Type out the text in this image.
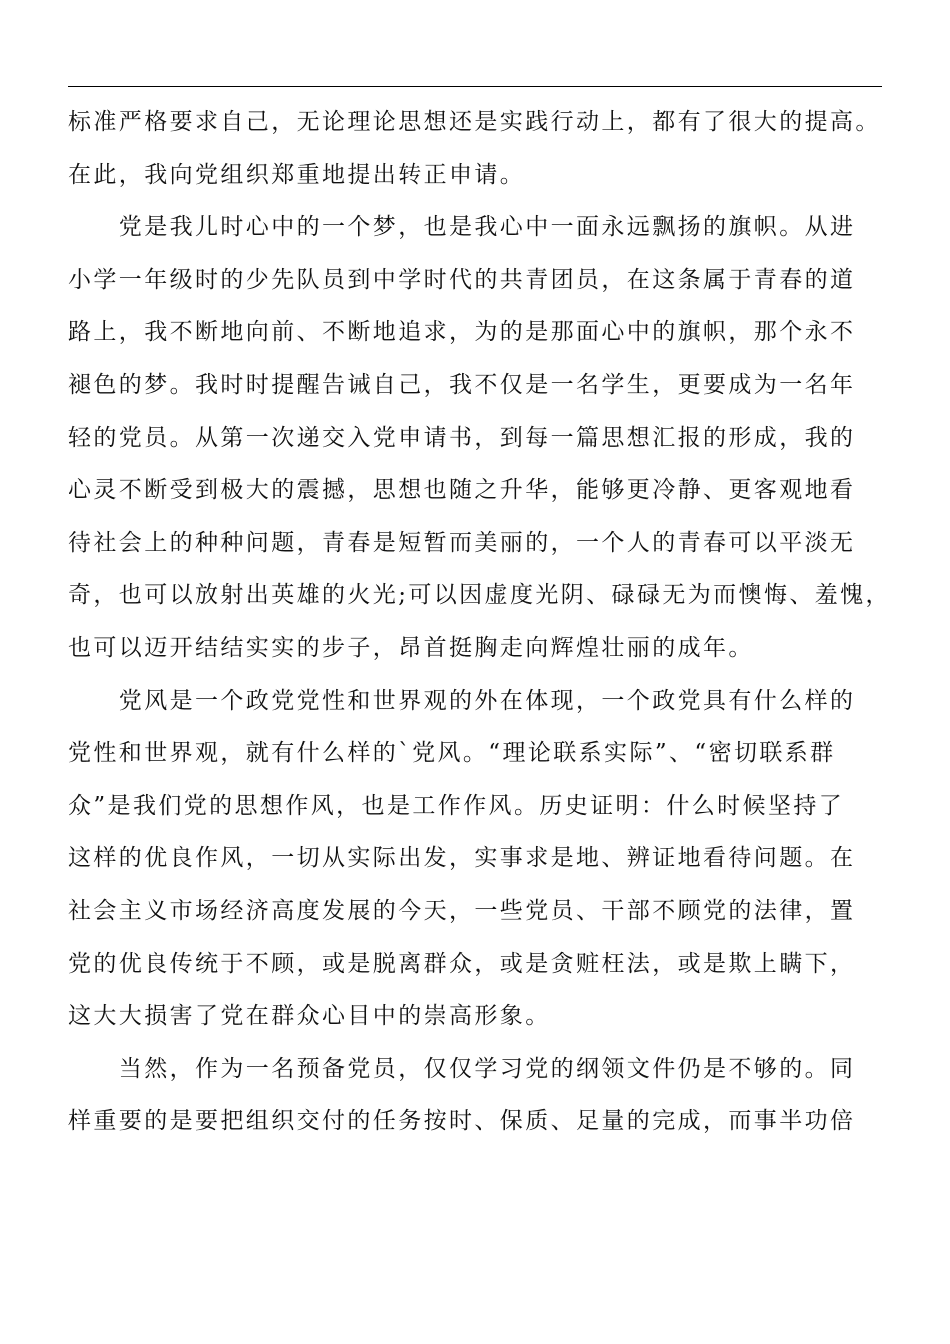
标准严格要求自己，无论理论思想还是实践行动上，都有了很大的提高。
在此，我向党组织郑重地提出转正申请。

　　党是我儿时心中的一个梦，也是我心中一面永远飘扬的旗帜。从进
小学一年级时的少先队员到中学时代的共青团员，在这条属于青春的道
路上，我不断地向前、不断地追求，为的是那面心中的旗帜，那个永不
褪色的梦。我时时提醒告诫自己，我不仅是一名学生，更要成为一名年
轻的党员。从第一次递交入党申请书，到每一篇思想汇报的形成，我的
心灵不断受到极大的震撼，思想也随之升华，能够更冷静、更客观地看
待社会上的种种问题，青春是短暂而美丽的，一个人的青春可以平淡无
奇，也可以放射出英雄的火光;可以因虚度光阴、碌碌无为而懊悔、羞愧，
也可以迈开结结实实的步子，昂首挺胸走向辉煌壮丽的成年。

　　党风是一个政党党性和世界观的外在体现，一个政党具有什么样的
党性和世界观，就有什么样的`党风。“理论联系实际”、“密切联系群
众”是我们党的思想作风，也是工作作风。历史证明：什么时候坚持了
这样的优良作风，一切从实际出发，实事求是地、辨证地看待问题。在
社会主义市场经济高度发展的今天，一些党员、干部不顾党的法律，置
党的优良传统于不顾，或是脱离群众，或是贪赃枉法，或是欺上瞒下，
这大大损害了党在群众心目中的崇高形象。

　　当然，作为一名预备党员，仅仅学习党的纲领文件仍是不够的。同
样重要的是要把组织交付的任务按时、保质、足量的完成，而事半功倍
